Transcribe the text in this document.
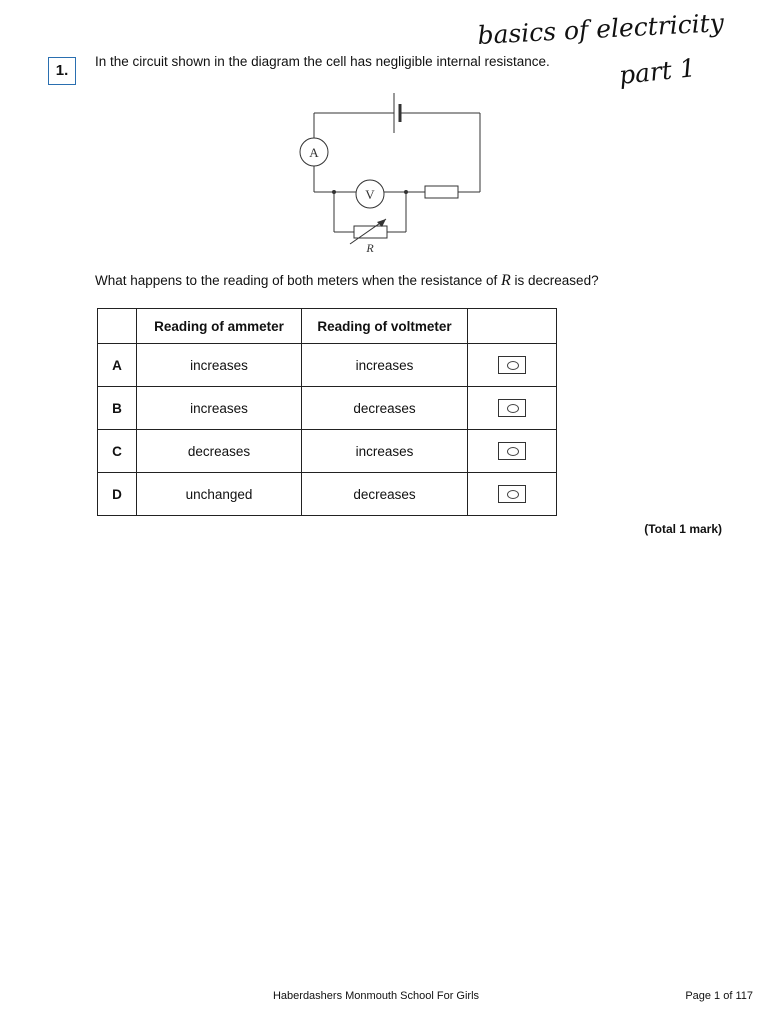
1.
In the circuit shown in the diagram the cell has negligible internal resistance.
basics of electricity
part 1
A
V
R
What happens to the reading of both meters when the resistance of R is decreased?
	Reading of ammeter	Reading of voltmeter	
A	increases	increases	
B	increases	decreases	
C	decreases	increases	
D	unchanged	decreases	
(Total 1 mark)
Haberdashers Monmouth School For Girls	Page 1 of 117
